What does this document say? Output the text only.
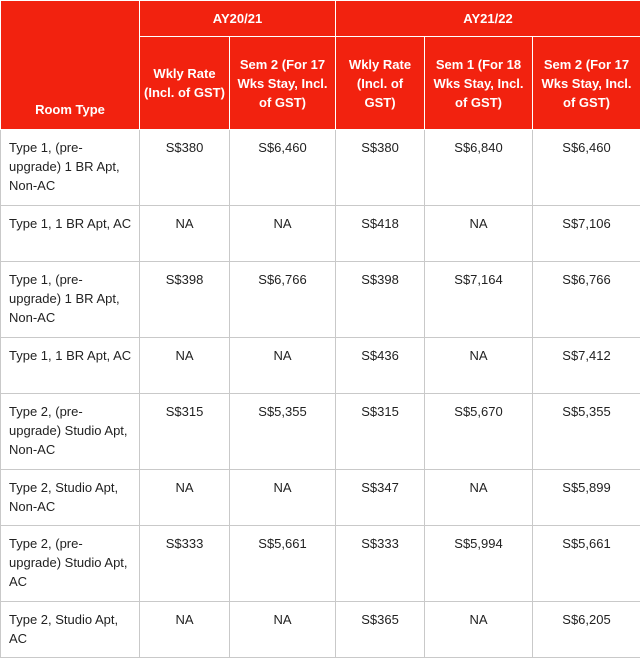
Room Type	AY20/21		AY21/22		
	Wkly Rate (Incl. of GST)	Sem 2 (For 17 Wks Stay, Incl. of GST)	Wkly Rate (Incl. of GST)	Sem 1 (For 18 Wks Stay, Incl. of GST)	Sem 2 (For 17 Wks Stay, Incl. of GST)
Type 1, (pre-upgrade) 1 BR Apt, Non-AC	S$380	S$6,460	S$380	S$6,840	S$6,460
Type 1, 1 BR Apt, AC	NA	NA	S$418	NA	S$7,106
Type 1, (pre-upgrade) 1 BR Apt, Non-AC	S$398	S$6,766	S$398	S$7,164	S$6,766
Type 1, 1 BR Apt, AC	NA	NA	S$436	NA	S$7,412
Type 2, (pre-upgrade) Studio Apt, Non-AC	S$315	S$5,355	S$315	S$5,670	S$5,355
Type 2, Studio Apt, Non-AC	NA	NA	S$347	NA	S$5,899
Type 2, (pre-upgrade) Studio Apt, AC	S$333	S$5,661	S$333	S$5,994	S$5,661
Type 2, Studio Apt, AC	NA	NA	S$365	NA	S$6,205
